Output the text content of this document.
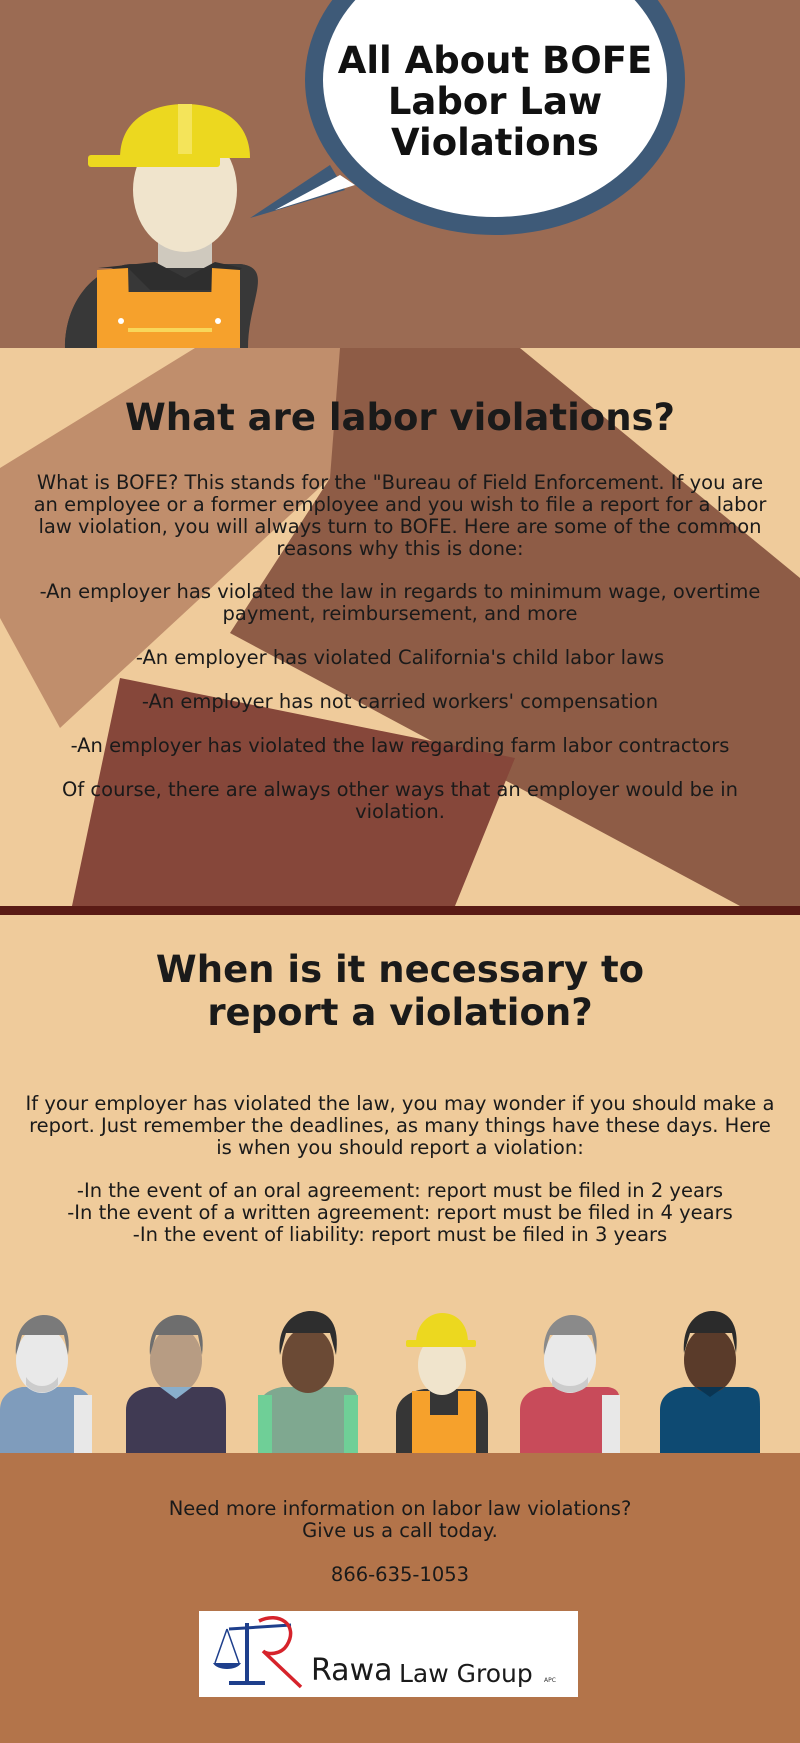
All About BOFE Labor Law Violations
What are labor violations?

What is BOFE? This stands for the "Bureau of Field Enforcement. If you are an employee or a former employee and you wish to file a report for a labor law violation, you will always turn to BOFE. Here are some of the common reasons why this is done:

-An employer has violated the law in regards to minimum wage, overtime payment, reimbursement, and more

-An employer has violated California's child labor laws

-An employer has not carried workers' compensation

-An employer has violated the law regarding farm labor contractors

Of course, there are always other ways that an employer would be in violation.

When is it necessary to
report a violation?

If your employer has violated the law, you may wonder if you should make a report. Just remember the deadlines, as many things have these days. Here is when you should report a violation:

-In the event of an oral agreement: report must be filed in 2 years

-In the event of a written agreement: report must be filed in 4 years

-In the event of liability: report must be filed in 3 years

Need more information on labor law violations?

Give us a call today.

866-635-1053

Rawa Law Group APC
